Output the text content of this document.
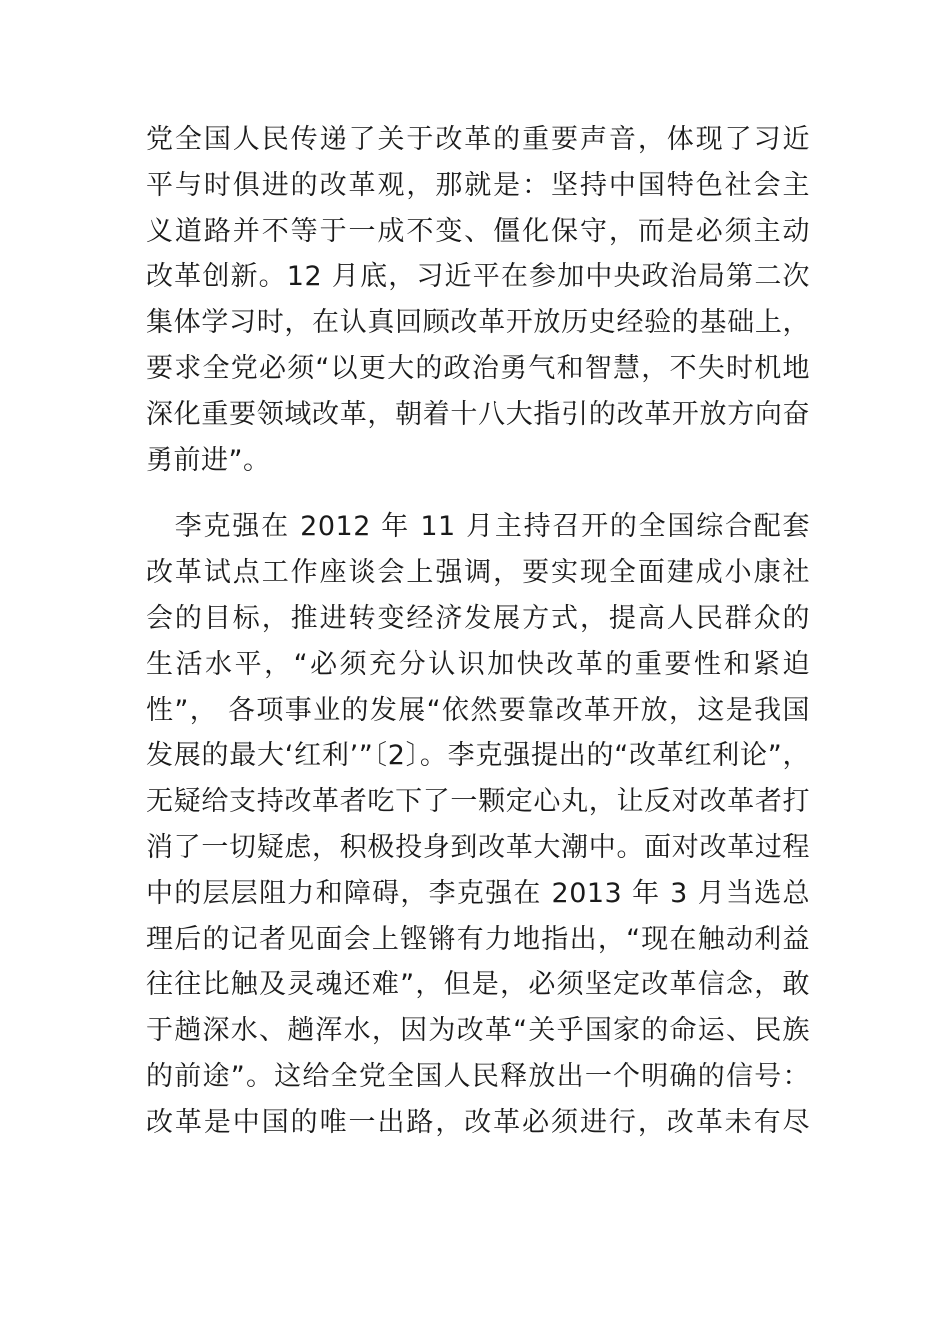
党全国人民传递了关于改革的重要声音，体现了习近
平与时俱进的改革观，那就是：坚持中国特色社会主
义道路并不等于一成不变、僵化保守，而是必须主动
改革创新。12 月底，习近平在参加中央政治局第二次
集体学习时，在认真回顾改革开放历史经验的基础上，
要求全党必须“以更大的政治勇气和智慧，不失时机地
深化重要领域改革，朝着十八大指引的改革开放方向奋
勇前进”。
　李克强在 2012 年 11 月主持召开的全国综合配套
改革试点工作座谈会上强调，要实现全面建成小康社
会的目标，推进转变经济发展方式，提高人民群众的
生活水平，“必须充分认识加快改革的重要性和紧迫
性”， 各项事业的发展“依然要靠改革开放，这是我国
发展的最大‘红利’”〔2〕。李克强提出的“改革红利论”，
无疑给支持改革者吃下了一颗定心丸，让反对改革者打
消了一切疑虑，积极投身到改革大潮中。面对改革过程
中的层层阻力和障碍，李克强在 2013 年 3 月当选总
理后的记者见面会上铿锵有力地指出，“现在触动利益
往往比触及灵魂还难”，但是，必须坚定改革信念，敢
于趟深水、趟浑水，因为改革“关乎国家的命运、民族
的前途”。这给全党全国人民释放出一个明确的信号：
改革是中国的唯一出路，改革必须进行，改革未有尽
